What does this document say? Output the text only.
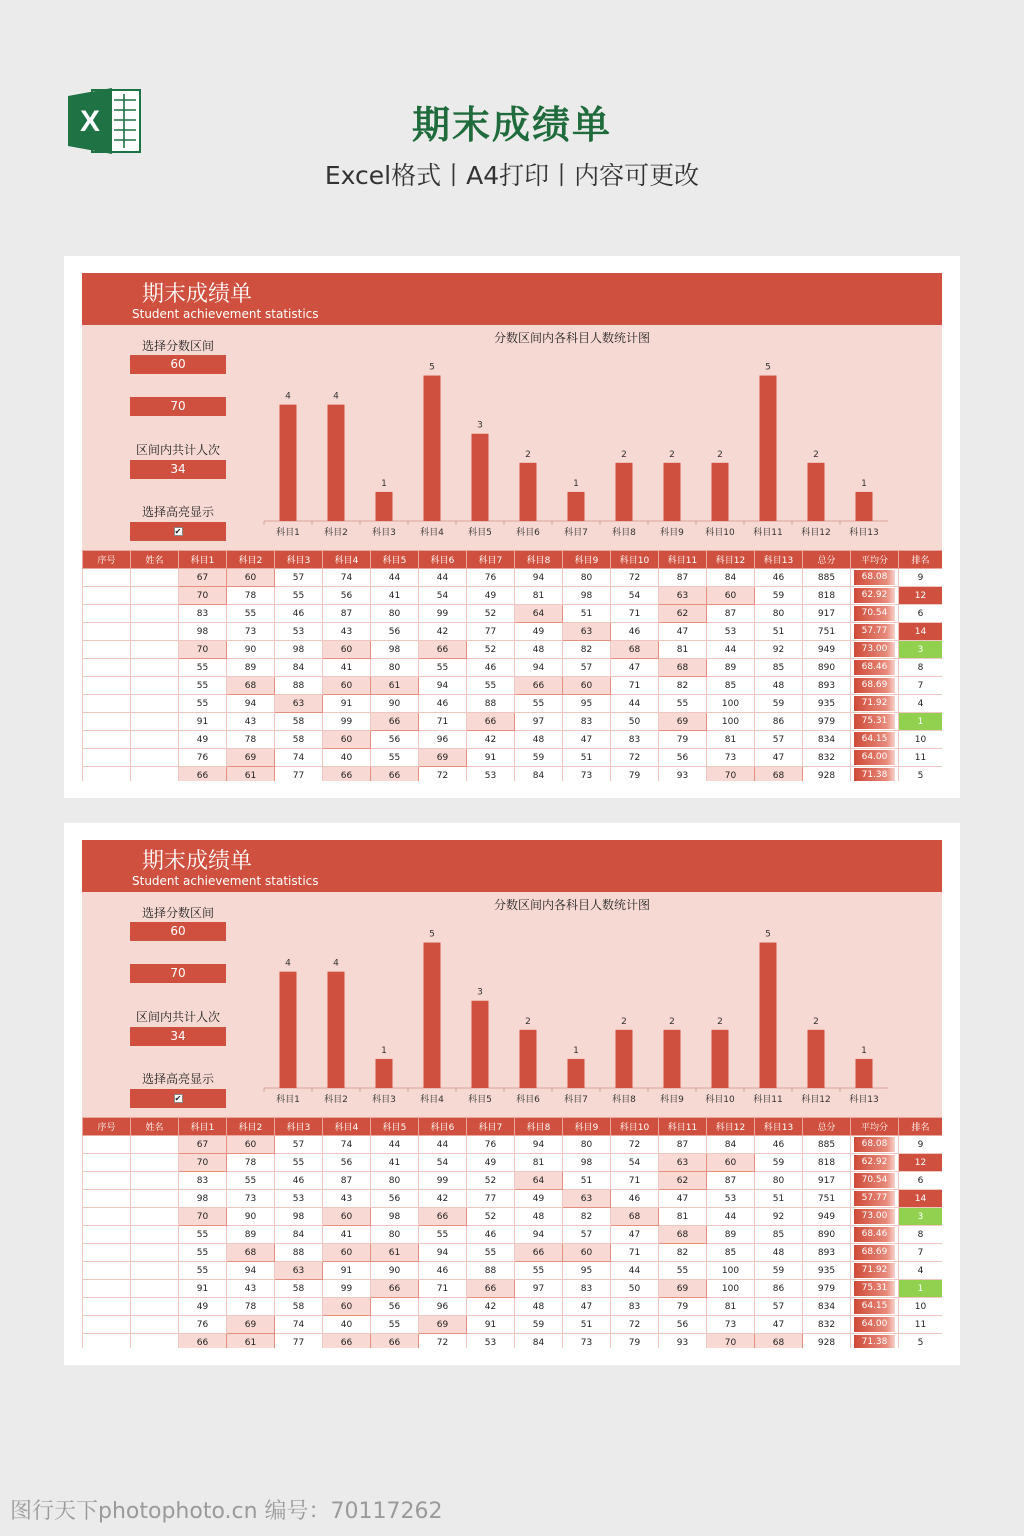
X	期末成绩单
Excel格式丨A4打印丨内容可更改
期末成绩单
Student achievement statistics
选择分数区间
60
70
区间内共计人次
34
选择高亮显示
✔
分数区间内各科目人数统计图
4
科目1
4
科目2
1
科目3
5
科目4
3
科目5
2
科目6
1
科目7
2
科目8
2
科目9
2
科目10
5
科目11
2
科目12
1
科目13
序号	姓名	科目1	科目2	科目3	科目4	科目5	科目6	科目7	科目8	科目9	科目10	科目11	科目12	科目13	总分	平均分	排名
		67	60	57	74	44	44	76	94	80	72	87	84	46	885	68.08	9
		70	78	55	56	41	54	49	81	98	54	63	60	59	818	62.92	12
		83	55	46	87	80	99	52	64	51	71	62	87	80	917	70.54	6
		98	73	53	43	56	42	77	49	63	46	47	53	51	751	57.77	14
		70	90	98	60	98	66	52	48	82	68	81	44	92	949	73.00	3
		55	89	84	41	80	55	46	94	57	47	68	89	85	890	68.46	8
		55	68	88	60	61	94	55	66	60	71	82	85	48	893	68.69	7
		55	94	63	91	90	46	88	55	95	44	55	100	59	935	71.92	4
		91	43	58	99	66	71	66	97	83	50	69	100	86	979	75.31	1
		49	78	58	60	56	96	42	48	47	83	79	81	57	834	64.15	10
		76	69	74	40	55	69	91	59	51	72	56	73	47	832	64.00	11
		66	61	77	66	66	72	53	84	73	79	93	70	68	928	71.38	5
期末成绩单
Student achievement statistics
选择分数区间
60
70
区间内共计人次
34
选择高亮显示
✔
分数区间内各科目人数统计图
4
科目1
4
科目2
1
科目3
5
科目4
3
科目5
2
科目6
1
科目7
2
科目8
2
科目9
2
科目10
5
科目11
2
科目12
1
科目13
序号	姓名	科目1	科目2	科目3	科目4	科目5	科目6	科目7	科目8	科目9	科目10	科目11	科目12	科目13	总分	平均分	排名
		67	60	57	74	44	44	76	94	80	72	87	84	46	885	68.08	9
		70	78	55	56	41	54	49	81	98	54	63	60	59	818	62.92	12
		83	55	46	87	80	99	52	64	51	71	62	87	80	917	70.54	6
		98	73	53	43	56	42	77	49	63	46	47	53	51	751	57.77	14
		70	90	98	60	98	66	52	48	82	68	81	44	92	949	73.00	3
		55	89	84	41	80	55	46	94	57	47	68	89	85	890	68.46	8
		55	68	88	60	61	94	55	66	60	71	82	85	48	893	68.69	7
		55	94	63	91	90	46	88	55	95	44	55	100	59	935	71.92	4
		91	43	58	99	66	71	66	97	83	50	69	100	86	979	75.31	1
		49	78	58	60	56	96	42	48	47	83	79	81	57	834	64.15	10
		76	69	74	40	55	69	91	59	51	72	56	73	47	832	64.00	11
		66	61	77	66	66	72	53	84	73	79	93	70	68	928	71.38	5
图行天下photophoto.cn 编号：70117262
